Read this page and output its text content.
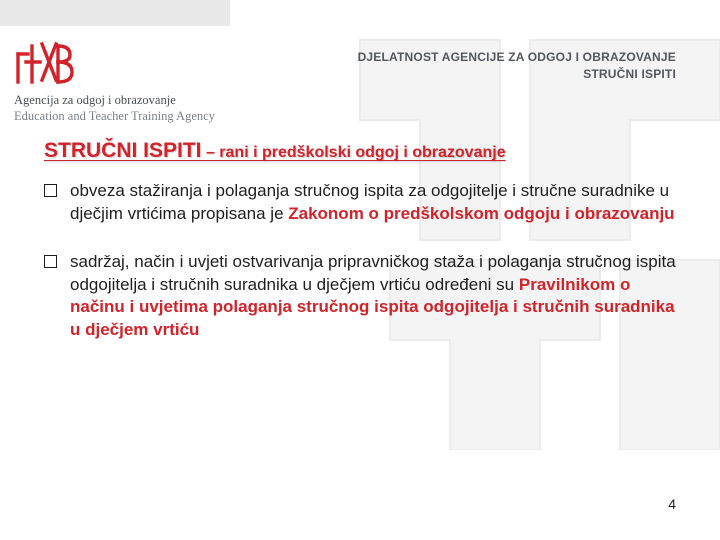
Agencija za odgoj i obrazovanje
Education and Teacher Training Agency
DJELATNOST AGENCIJE ZA ODGOJ I OBRAZOVANJE
STRUČNI ISPITI
STRUČNI ISPITI – rani i predškolski odgoj i obrazovanje
obveza stažiranja i polaganja stručnog ispita za odgojitelje i stručne suradnike u dječjim vrtićima propisana je Zakonom o predškolskom odgoju i obrazovanju
sadržaj, način i uvjeti ostvarivanja pripravničkog staža i polaganja stručnog ispita odgojitelja i stručnih suradnika u dječjem vrtiću određeni su Pravilnikom o načinu i uvjetima polaganja stručnog ispita odgojitelja i stručnih suradnika u dječjem vrtiću
4
